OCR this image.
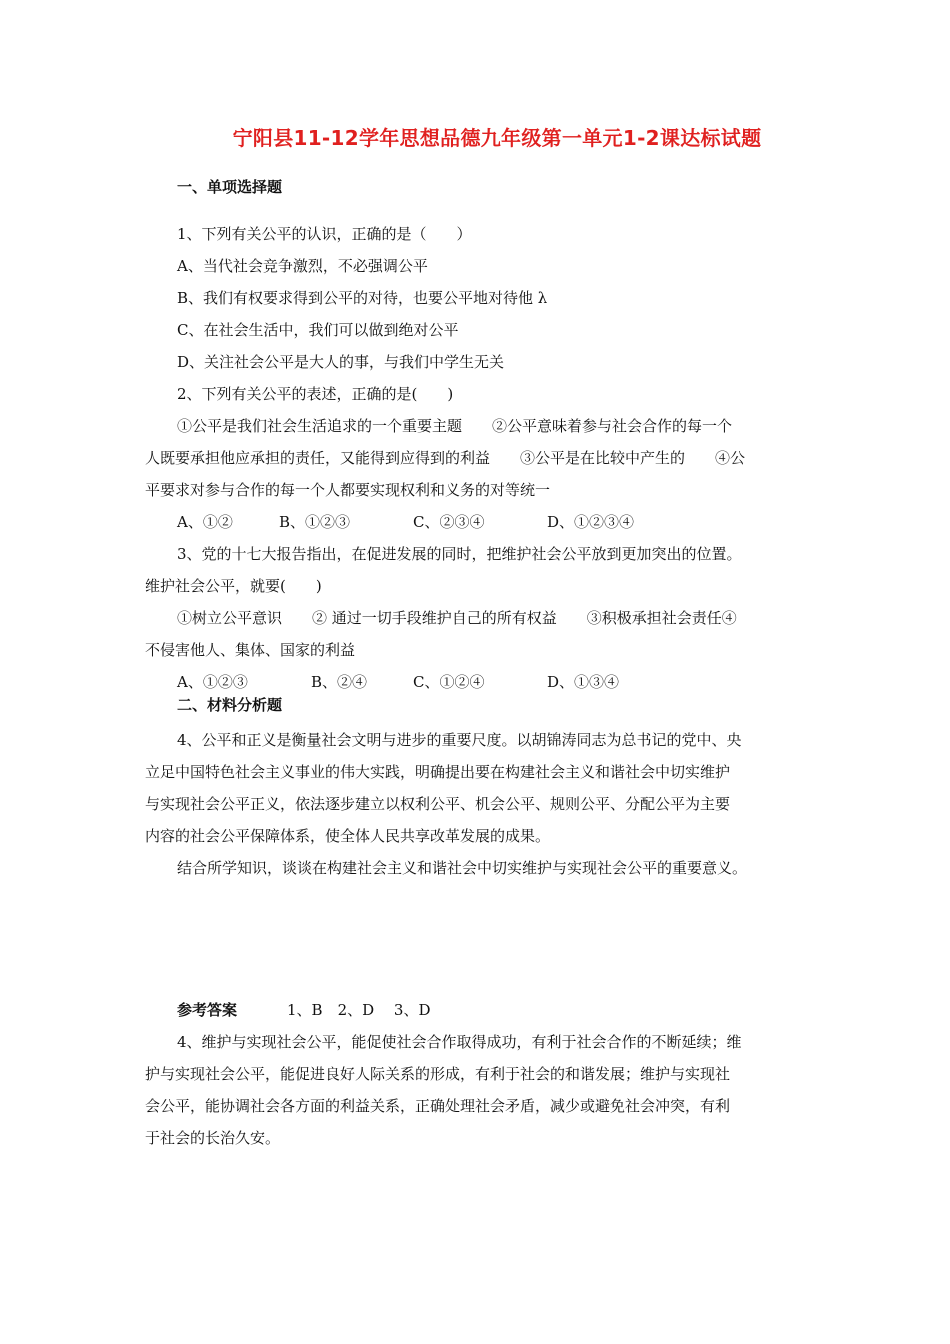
宁阳县11-12学年思想品德九年级第一单元1-2课达标试题
一、单项选择题
1、下列有关公平的认识，正确的是（　　）
A、当代社会竞争激烈，不必强调公平
B、我们有权要求得到公平的对待，也要公平地对待他 λ
C、在社会生活中，我们可以做到绝对公平
D、关注社会公平是大人的事，与我们中学生无关
2、下列有关公平的表述，正确的是(　　)
①公平是我们社会生活追求的一个重要主题　　②公平意味着参与社会合作的每一个
人既要承担他应承担的责任，又能得到应得到的利益　　③公平是在比较中产生的　　④公
平要求对参与合作的每一个人都要实现权利和义务的对等统一
A、①②	B、①②③	C、②③④	D、①②③④
3、党的十七大报告指出，在促进发展的同时，把维护社会公平放到更加突出的位置。
维护社会公平，就要(　　)
①树立公平意识　　② 通过一切手段维护自己的所有权益　　③积极承担社会责任④
不侵害他人、集体、国家的利益
A、①②③	B、②④	C、①②④	D、①③④
二、材料分析题
4、公平和正义是衡量社会文明与进步的重要尺度。以胡锦涛同志为总书记的党中、央
立足中国特色社会主义事业的伟大实践，明确提出要在构建社会主义和谐社会中切实维护
与实现社会公平正义，依法逐步建立以权利公平、机会公平、规则公平、分配公平为主要
内容的社会公平保障体系，使全体人民共享改革发展的成果。
结合所学知识，谈谈在构建社会主义和谐社会中切实维护与实现社会公平的重要意义。
参考答案	1、B　2、D　 3、D
4、维护与实现社会公平，能促使社会合作取得成功，有利于社会合作的不断延续；维
护与实现社会公平，能促进良好人际关系的形成，有利于社会的和谐发展；维护与实现社
会公平，能协调社会各方面的利益关系，正确处理社会矛盾，减少或避免社会冲突，有利
于社会的长治久安。
